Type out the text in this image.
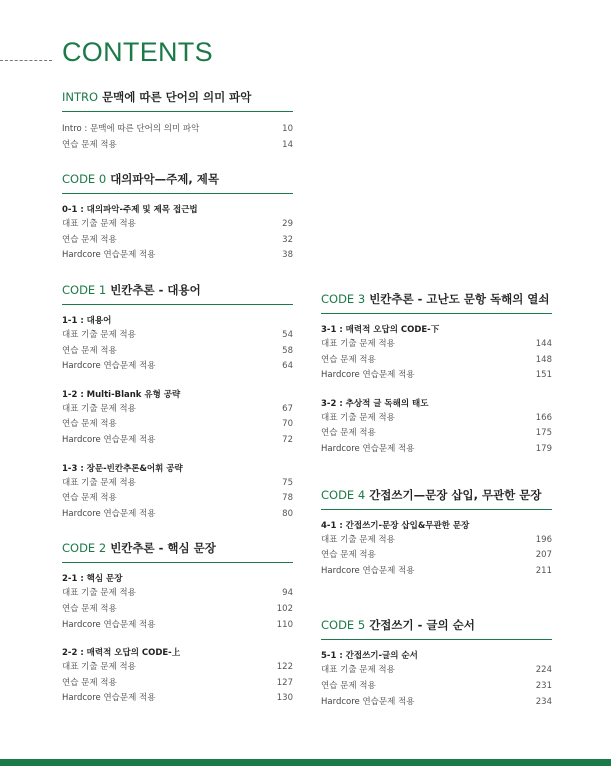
CONTENTS
INTRO 문맥에 따른 단어의 의미 파악
Intro : 문맥에 따른 단어의 의미 파악	10
연습 문제 적용	14
CODE 0 대의파악—주제, 제목
0-1 : 대의파악-주제 및 제목 접근법
대표 기출 문제 적용	29
연습 문제 적용	32
Hardcore 연습문제 적용	38
CODE 1 빈칸추론 - 대용어
1-1 : 대용어
대표 기출 문제 적용	54
연습 문제 적용	58
Hardcore 연습문제 적용	64
1-2 : Multi-Blank 유형 공략
대표 기출 문제 적용	67
연습 문제 적용	70
Hardcore 연습문제 적용	72
1-3 : 장문-빈칸추론&어휘 공략
대표 기출 문제 적용	75
연습 문제 적용	78
Hardcore 연습문제 적용	80
CODE 2 빈칸추론 - 핵심 문장
2-1 : 핵심 문장
대표 기출 문제 적용	94
연습 문제 적용	102
Hardcore 연습문제 적용	110
2-2 : 매력적 오답의 CODE-上
대표 기출 문제 적용	122
연습 문제 적용	127
Hardcore 연습문제 적용	130
CODE 3 빈칸추론 - 고난도 문항 독해의 열쇠
3-1 : 매력적 오답의 CODE-下
대표 기출 문제 적용	144
연습 문제 적용	148
Hardcore 연습문제 적용	151
3-2 : 추상적 글 독해의 태도
대표 기출 문제 적용	166
연습 문제 적용	175
Hardcore 연습문제 적용	179
CODE 4 간접쓰기—문장 삽입, 무관한 문장
4-1 : 간접쓰기-문장 삽입&무관한 문장
대표 기출 문제 적용	196
연습 문제 적용	207
Hardcore 연습문제 적용	211
CODE 5 간접쓰기 - 글의 순서
5-1 : 간접쓰기-글의 순서
대표 기출 문제 적용	224
연습 문제 적용	231
Hardcore 연습문제 적용	234
